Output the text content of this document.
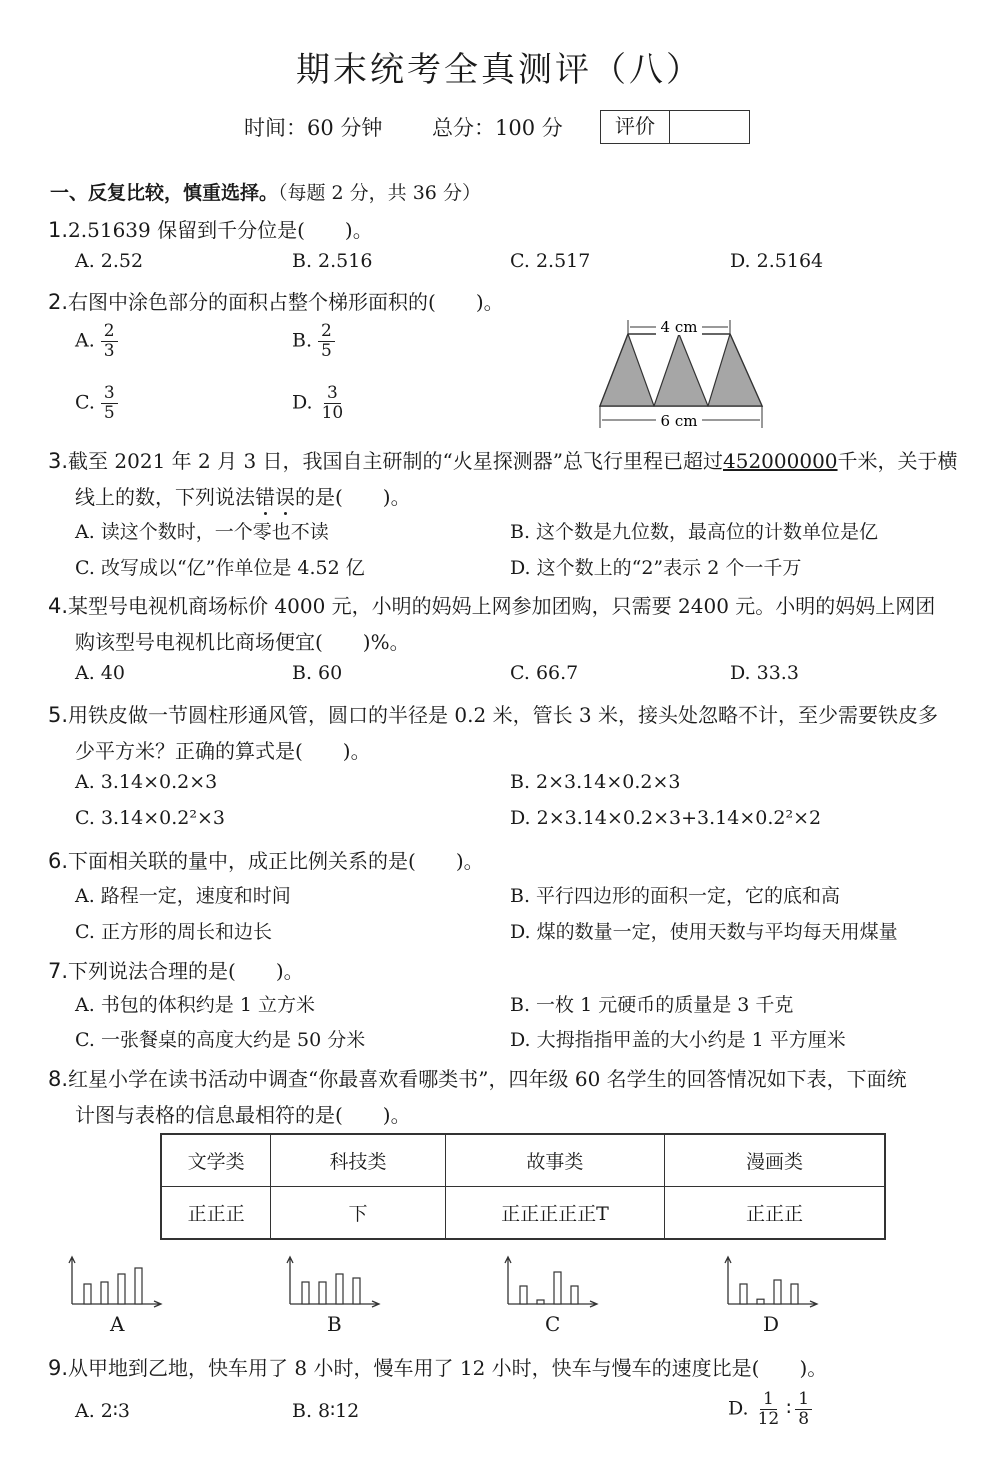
期末统考全真测评（八）
时间：60 分钟 总分：100 分	评价
一、反复比较，慎重选择。（每题 2 分，共 36 分）
1.2.51639 保留到千分位是(　　)。
A. 2.52	B. 2.516	C. 2.517	D. 2.5164
2.右图中涂色部分的面积占整个梯形面积的(　　)。
A. $\frac{2}{3}$	B. $\frac{2}{5}$
C. $\frac{3}{5}$	D. $\frac{3}{10}$
4 cm
6 cm
3.截至 2021 年 2 月 3 日，我国自主研制的“火星探测器”总飞行里程已超过452000000千米，关于横
线上的数，下列说法错
误
的是(　　)。
A. 读这个数时，一个零也不读	B. 这个数是九位数，最高位的计数单位是亿
C. 改写成以“亿”作单位是 4.52 亿	D. 这个数上的“2”表示 2 个一千万
4.某型号电视机商场标价 4000 元，小明的妈妈上网参加团购，只需要 2400 元。小明的妈妈上网团
购该型号电视机比商场便宜(　　)%。
A. 40	B. 60	C. 66.7	D. 33.3
5.用铁皮做一节圆柱形通风管，圆口的半径是 0.2 米，管长 3 米，接头处忽略不计，至少需要铁皮多
少平方米？正确的算式是(　　)。
A. 3.14×0.2×3	B. 2×3.14×0.2×3
C. 3.14×0.2²×3	D. 2×3.14×0.2×3+3.14×0.2²×2
6.下面相关联的量中，成正比例关系的是(　　)。
A. 路程一定，速度和时间	B. 平行四边形的面积一定，它的底和高
C. 正方形的周长和边长	D. 煤的数量一定，使用天数与平均每天用煤量
7.下列说法合理的是(　　)。
A. 书包的体积约是 1 立方米	B. 一枚 1 元硬币的质量是 3 千克
C. 一张餐桌的高度大约是 50 分米	D. 大拇指指甲盖的大小约是 1 平方厘米
8.红星小学在读书活动中调查“你最喜欢看哪类书”，四年级 60 名学生的回答情况如下表，下面统
计图与表格的信息最相符的是(　　)。
文学类	科技类	故事类	漫画类
正正正	下	正正正正正T	正正正
A	B	C	D
9.从甲地到乙地，快车用了 8 小时，慢车用了 12 小时，快车与慢车的速度比是(　　)。
A. 2∶3	B. 8∶12	D. $\frac{1}{12}$ ∶ $\frac{1}{8}$
